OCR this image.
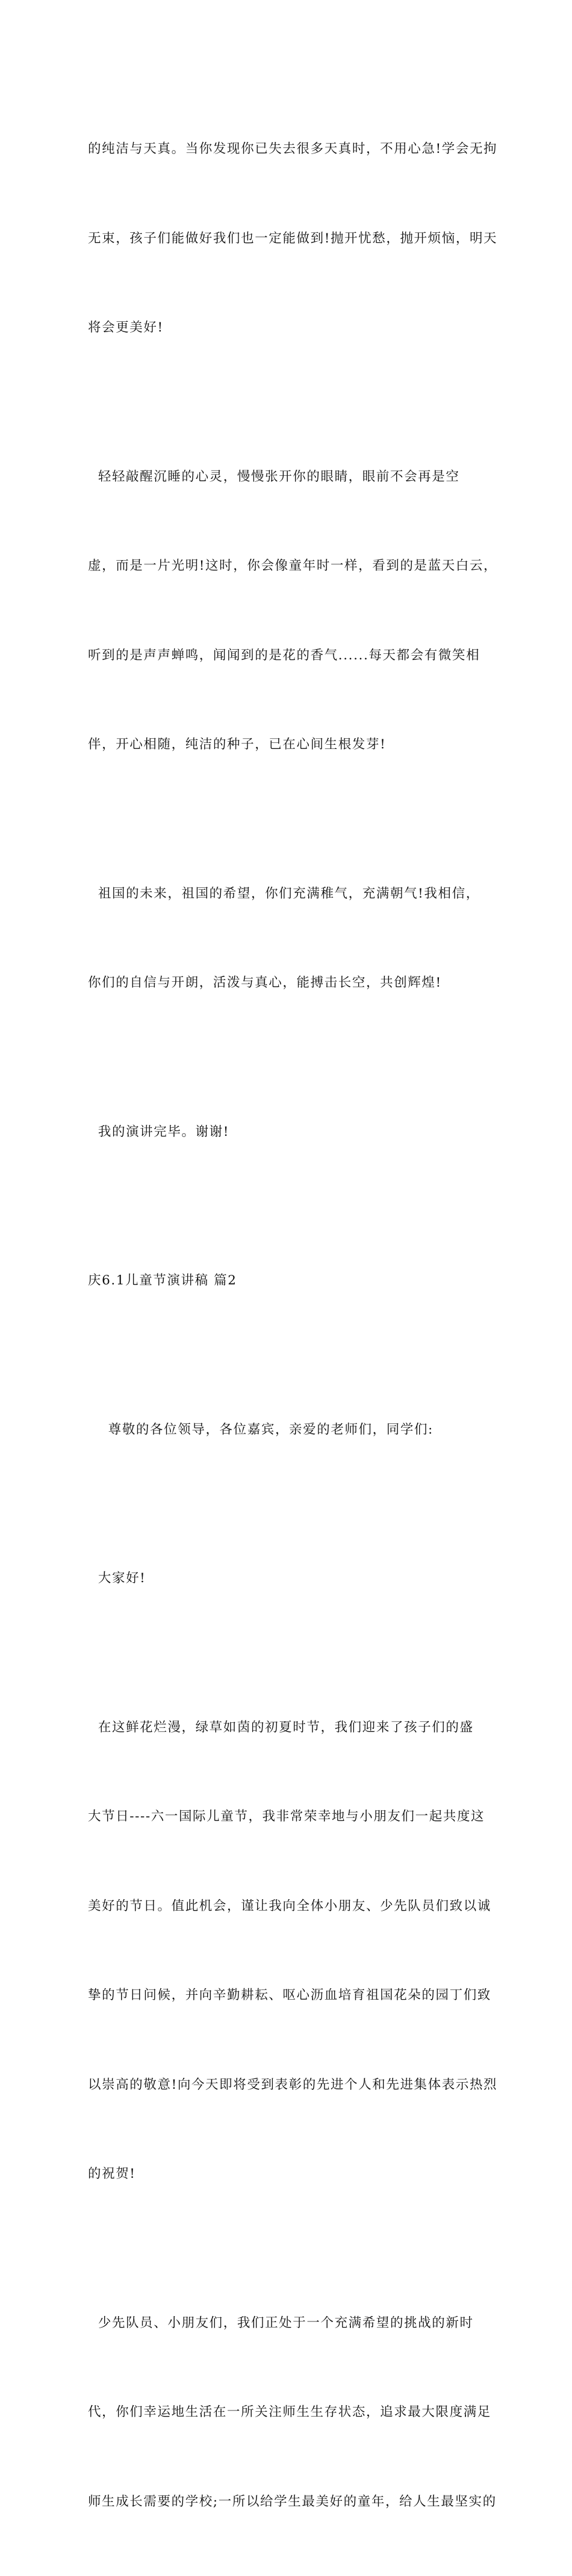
的纯洁与天真。当你发现你已失去很多天真时，不用心急!学会无拘

无束，孩子们能做好我们也一定能做到!抛开忧愁，抛开烦恼，明天

将会更美好!

轻轻敲醒沉睡的心灵，慢慢张开你的眼睛，眼前不会再是空

虚，而是一片光明!这时，你会像童年时一样，看到的是蓝天白云，

听到的是声声蝉鸣，闻闻到的是花的香气......每天都会有微笑相

伴，开心相随，纯洁的种子，已在心间生根发芽!

祖国的未来，祖国的希望，你们充满稚气，充满朝气!我相信，

你们的自信与开朗，活泼与真心，能搏击长空，共创辉煌!

我的演讲完毕。谢谢!

庆6.1儿童节演讲稿 篇2

尊敬的各位领导，各位嘉宾，亲爱的老师们，同学们:

大家好!

在这鲜花烂漫，绿草如茵的初夏时节，我们迎来了孩子们的盛

大节日----六一国际儿童节，我非常荣幸地与小朋友们一起共度这

美好的节日。值此机会，谨让我向全体小朋友、少先队员们致以诚

挚的节日问候，并向辛勤耕耘、呕心沥血培育祖国花朵的园丁们致

以崇高的敬意!向今天即将受到表彰的先进个人和先进集体表示热烈

的祝贺!

少先队员、小朋友们，我们正处于一个充满希望的挑战的新时

代，你们幸运地生活在一所关注师生生存状态，追求最大限度满足

师生成长需要的学校;一所以给学生最美好的童年，给人生最坚实的
